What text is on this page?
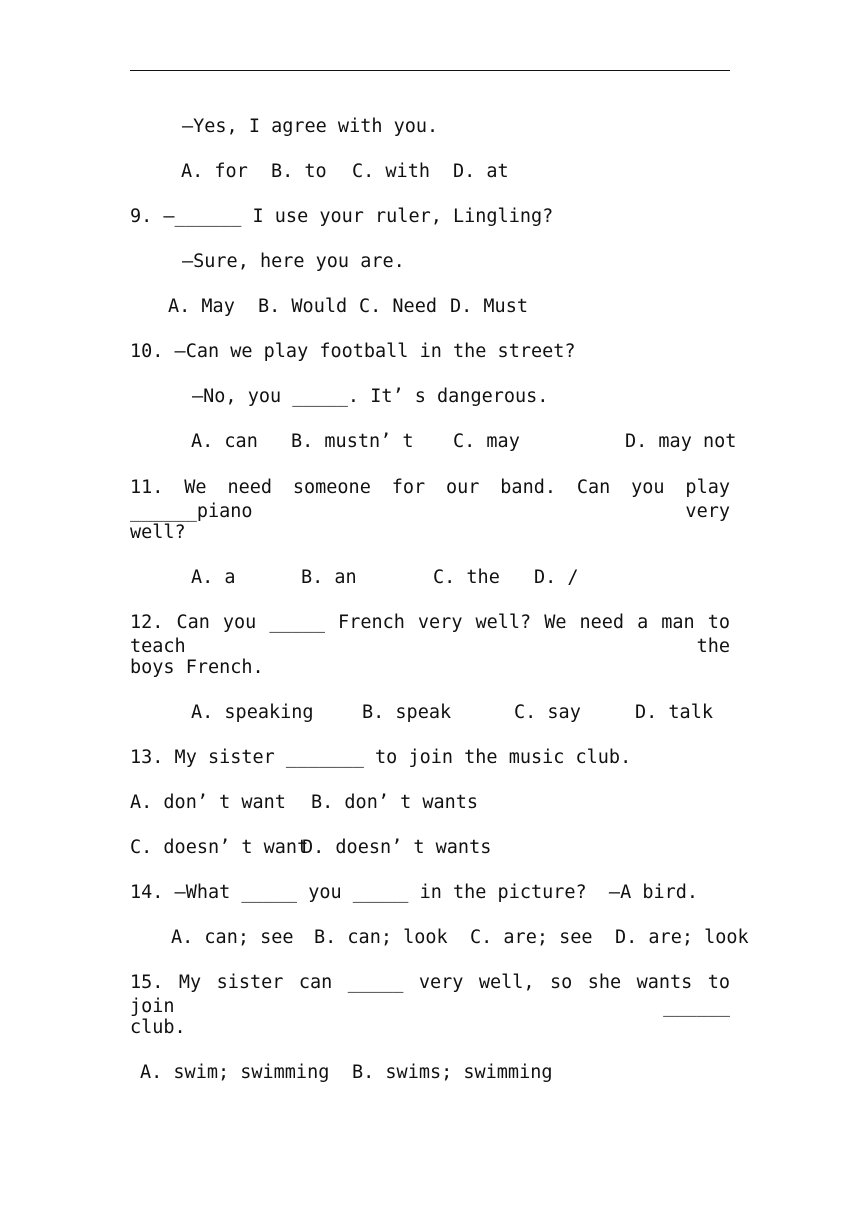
—Yes, I agree with you.
A. for B. to C. with D. at
9. —______ I use your ruler, Lingling?
—Sure, here you are.
A. May B. Would C. Need D. Must
10. —Can we play football in the street?
—No, you _____. It’ s dangerous.
A. can B. mustn’ t C. may	D. may not
11. We need someone for our band. Can you play ______piano very
well?
A. a	B. an	C. the D. /
12. Can you _____ French very well? We need a man to teach the
boys French.
A. speaking	B. speak	C. say	D. talk
13. My sister _______ to join the music club.
A. don’ t want B. don’ t wants
C. doesn’ t want
D. doesn’ t wants
14. —What _____ you _____ in the picture?  —A bird.
A. can; see B. can; look C. are; see D. are; look
15. My sister can _____ very well, so she wants to join ______
club.
A. swim; swimming B. swims; swimming
